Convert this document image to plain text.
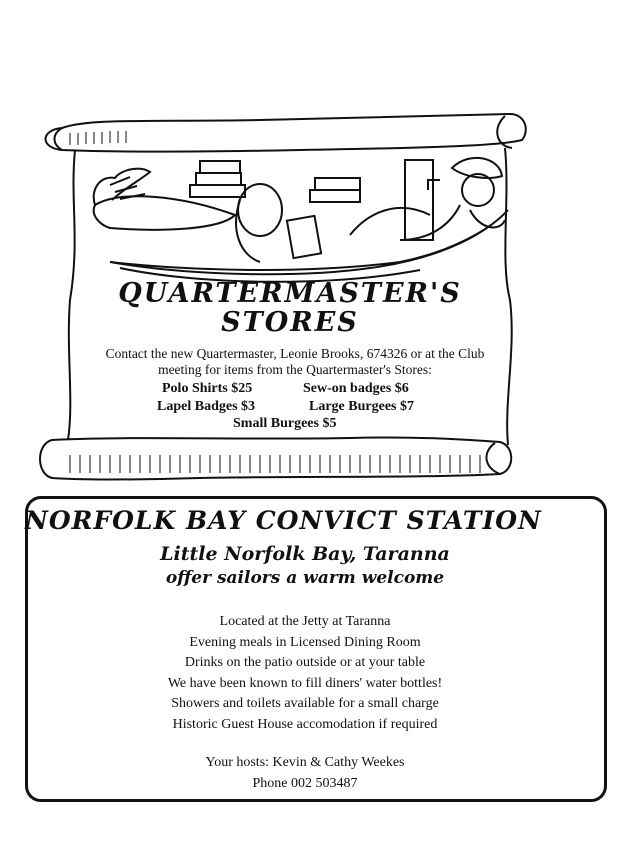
QUARTERMASTER'S
STORES

Contact the new Quartermaster, Leonie Brooks, 674326 or at the Club meeting for items from the Quartermaster's Stores:

Polo Shirts $25	Sew-on badges $6
Lapel Badges $3	Large Burgees $7
Small Burgees $5
NORFOLK BAY CONVICT STATION
Little Norfolk Bay, Taranna
offer sailors a warm welcome
Located at the Jetty at Taranna
Evening meals in Licensed Dining Room
Drinks on the patio outside or at your table
We have been known to fill diners' water bottles!
Showers and toilets available for a small charge
Historic Guest House accomodation if required

Your hosts: Kevin & Cathy Weekes

Phone 002 503487
